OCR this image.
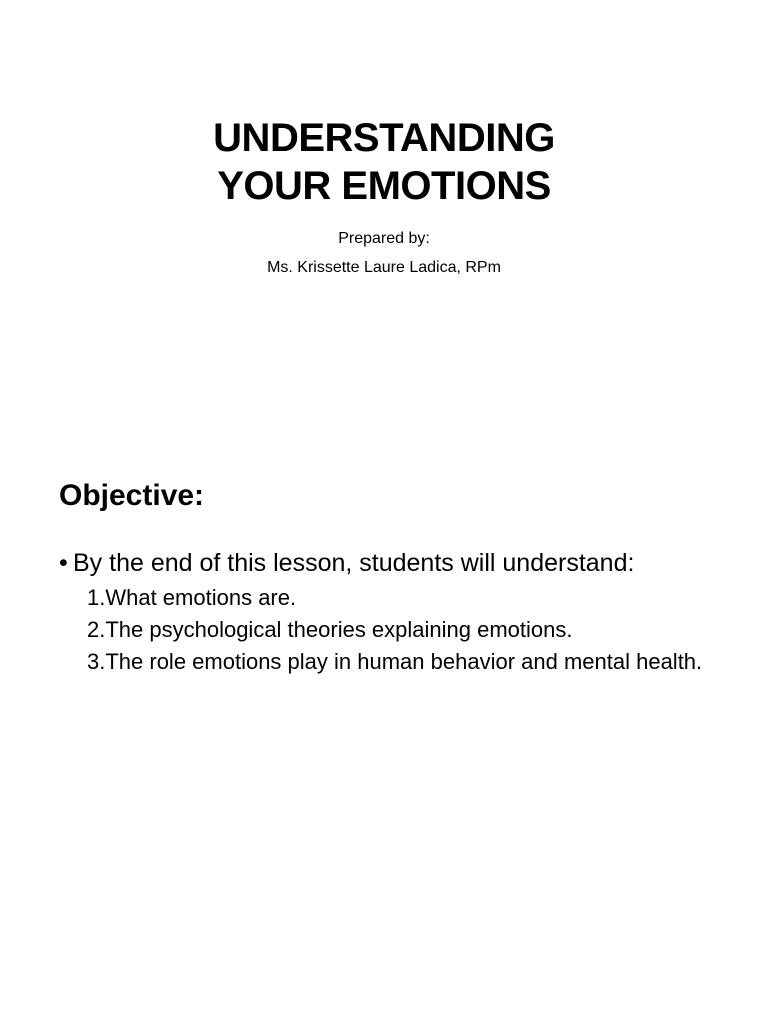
UNDERSTANDING
YOUR EMOTIONS
Prepared by:
Ms. Krissette Laure Ladica, RPm
Objective:
• By the end of this lesson, students will understand:
1.What emotions are.
2.The psychological theories explaining emotions.
3.The role emotions play in human behavior and mental health.
